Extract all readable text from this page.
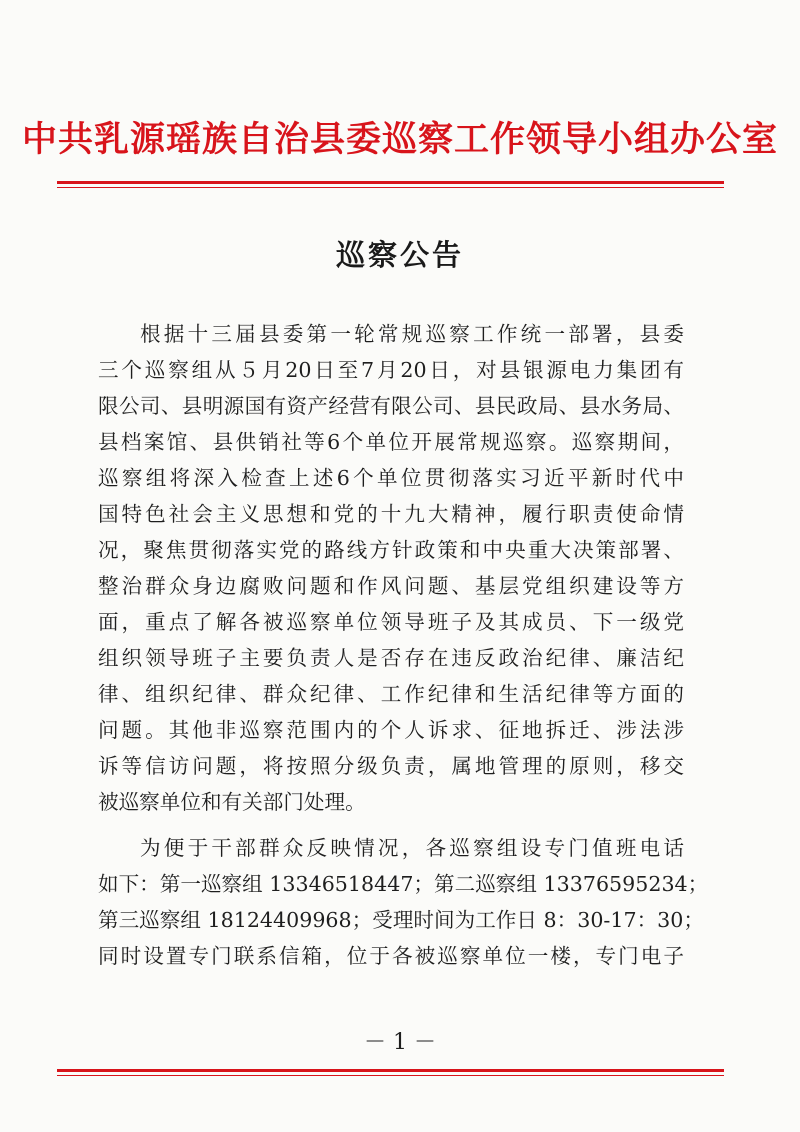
中共乳源瑶族自治县委巡察工作领导小组办公室
巡察公告
根据十三届县委第一轮常规巡察工作统一部署，县委
三个巡察组从５月20日至7月20日，对县银源电力集团有
限公司、县明源国有资产经营有限公司、县民政局、县水务局、
县档案馆、县供销社等6个单位开展常规巡察。巡察期间，
巡察组将深入检查上述6个单位贯彻落实习近平新时代中
国特色社会主义思想和党的十九大精神，履行职责使命情
况，聚焦贯彻落实党的路线方针政策和中央重大决策部署、
整治群众身边腐败问题和作风问题、基层党组织建设等方
面，重点了解各被巡察单位领导班子及其成员、下一级党
组织领导班子主要负责人是否存在违反政治纪律、廉洁纪
律、组织纪律、群众纪律、工作纪律和生活纪律等方面的
问题。其他非巡察范围内的个人诉求、征地拆迁、涉法涉
诉等信访问题，将按照分级负责，属地管理的原则，移交
被巡察单位和有关部门处理。
为便于干部群众反映情况，各巡察组设专门值班电话
如下：第一巡察组 13346518447；第二巡察组 13376595234；
第三巡察组 18124409968；受理时间为工作日 8：30-17：30；
同时设置专门联系信箱，位于各被巡察单位一楼，专门电子
－ 1 －
